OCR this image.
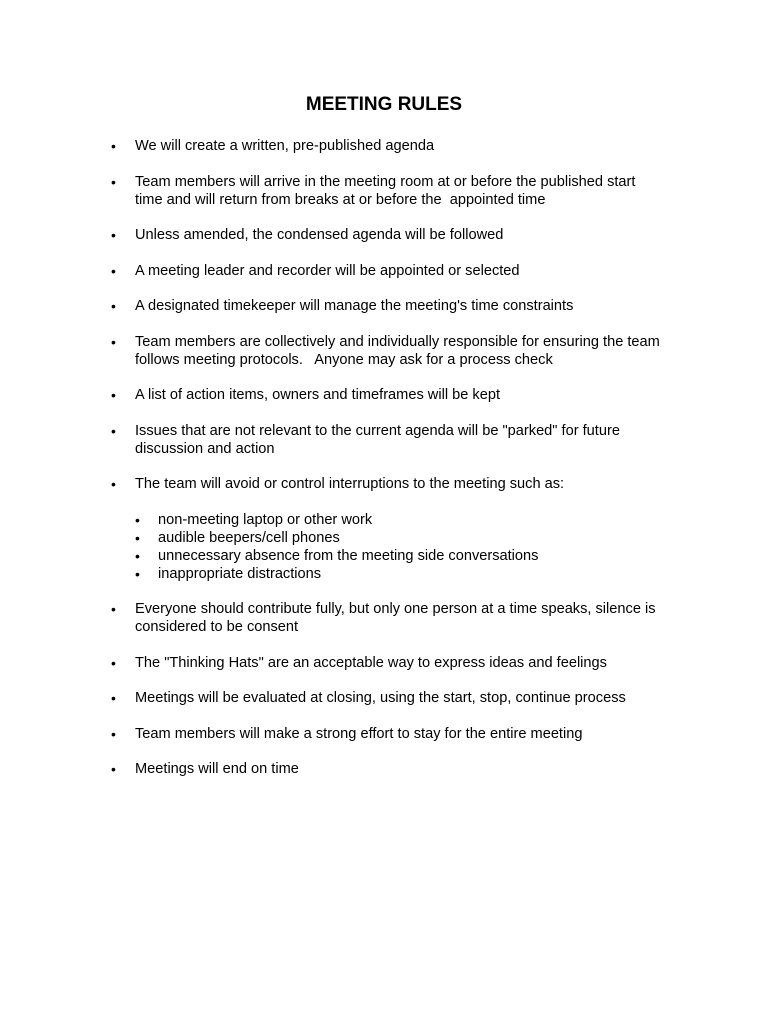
MEETING RULES
• We will create a written, pre-published agenda
• Team members will arrive in the meeting room at or before the published start time and will return from breaks at or before the  appointed time
• Unless amended, the condensed agenda will be followed
• A meeting leader and recorder will be appointed or selected
• A designated timekeeper will manage the meeting's time constraints
• Team members are collectively and individually responsible for ensuring the team follows meeting protocols.   Anyone may ask for a process check
• A list of action items, owners and timeframes will be kept
• Issues that are not relevant to the current agenda will be "parked" for future discussion and action
• The team will avoid or control interruptions to the meeting such as:
• non-meeting laptop or other work
• audible beepers/cell phones
• unnecessary absence from the meeting side conversations
• inappropriate distractions
• Everyone should contribute fully, but only one person at a time speaks, silence is considered to be consent
• The "Thinking Hats" are an acceptable way to express ideas and feelings
• Meetings will be evaluated at closing, using the start, stop, continue process
• Team members will make a strong effort to stay for the entire meeting
• Meetings will end on time
